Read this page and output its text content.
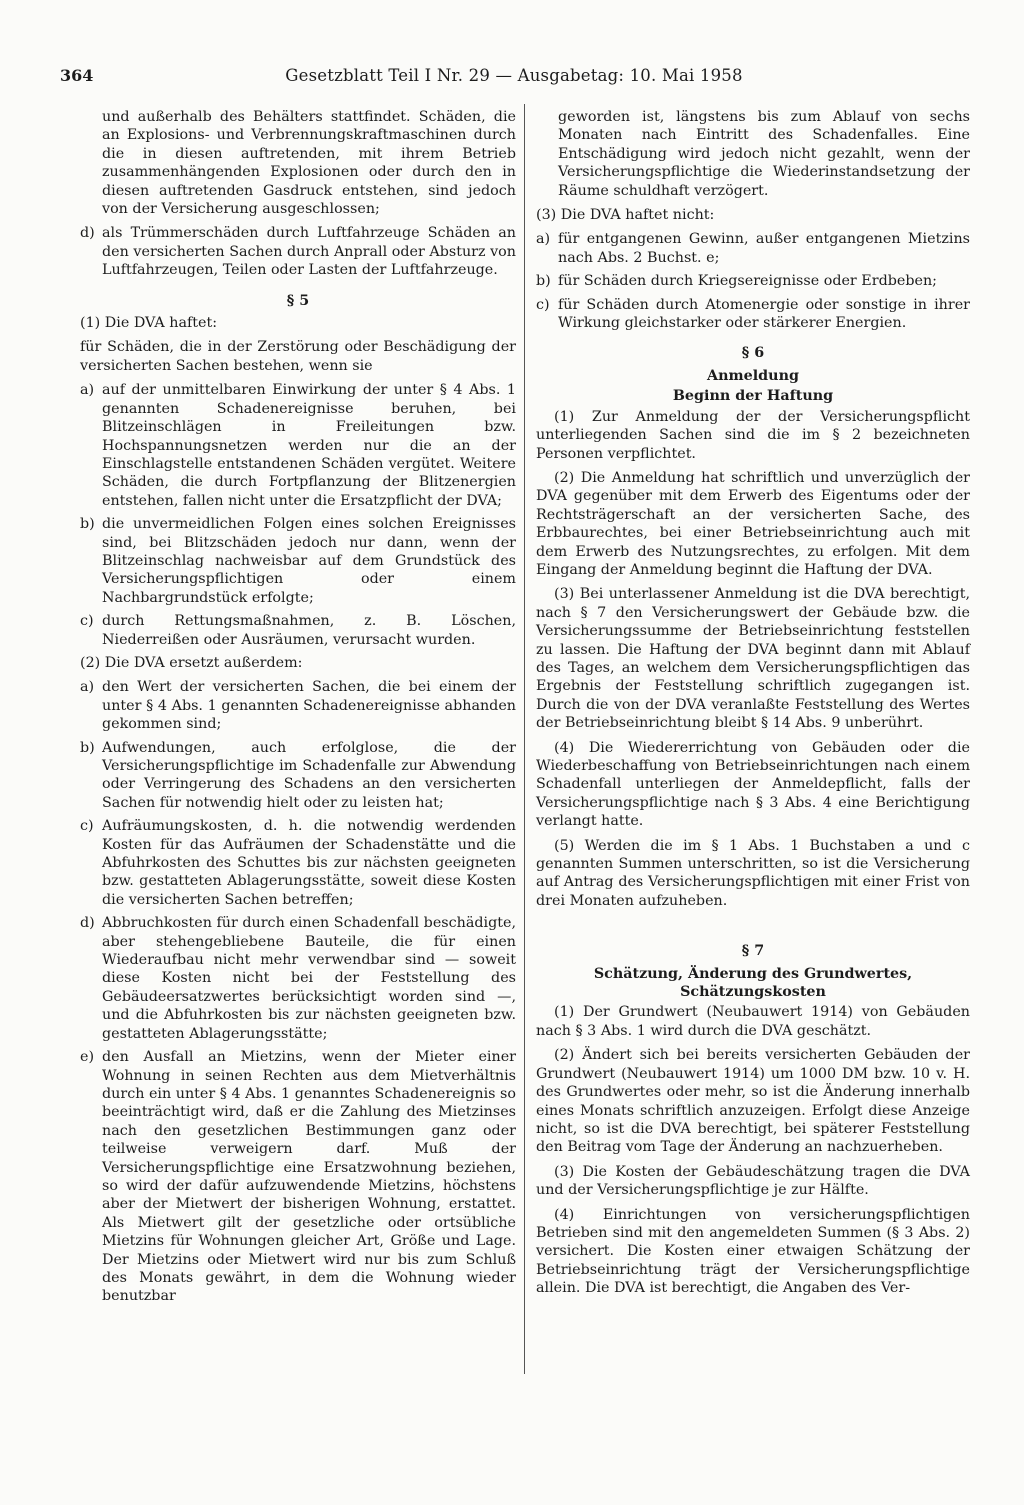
364	Gesetzblatt Teil I Nr. 29 — Ausgabetag: 10. Mai 1958

und außerhalb des Behälters stattfindet. Schäden, die an Explosions- und Verbrennungskraftmaschinen durch die in diesen auftretenden, mit ihrem Betrieb zusammenhängenden Explosionen oder durch den in diesen auftretenden Gasdruck entstehen, sind jedoch von der Versicherung ausgeschlossen;

d) als Trümmerschäden durch Luftfahrzeuge Schäden an den versicherten Sachen durch Anprall oder Absturz von Luftfahrzeugen, Teilen oder Lasten der Luftfahrzeuge.
§ 5

(1) Die DVA haftet:

für Schäden, die in der Zerstörung oder Beschädigung der versicherten Sachen bestehen, wenn sie

a) auf der unmittelbaren Einwirkung der unter § 4 Abs. 1 genannten Schadenereignisse beruhen, bei Blitzeinschlägen in Freileitungen bzw. Hochspannungsnetzen werden nur die an der Einschlagstelle entstandenen Schäden vergütet. Weitere Schäden, die durch Fortpflanzung der Blitzenergien entstehen, fallen nicht unter die Ersatzpflicht der DVA;
b) die unvermeidlichen Folgen eines solchen Ereignisses sind, bei Blitzschäden jedoch nur dann, wenn der Blitzeinschlag nachweisbar auf dem Grundstück des Versicherungspflichtigen oder einem Nachbargrundstück erfolgte;
c) durch Rettungsmaßnahmen, z. B. Löschen, Niederreißen oder Ausräumen, verursacht wurden.

(2) Die DVA ersetzt außerdem:

a) den Wert der versicherten Sachen, die bei einem der unter § 4 Abs. 1 genannten Schadenereignisse abhanden gekommen sind;
b) Aufwendungen, auch erfolglose, die der Versicherungspflichtige im Schadenfalle zur Abwendung oder Verringerung des Schadens an den versicherten Sachen für notwendig hielt oder zu leisten hat;
c) Aufräumungskosten, d. h. die notwendig werdenden Kosten für das Aufräumen der Schadenstätte und die Abfuhrkosten des Schuttes bis zur nächsten geeigneten bzw. gestatteten Ablagerungsstätte, soweit diese Kosten die versicherten Sachen betreffen;
d) Abbruchkosten für durch einen Schadenfall beschädigte, aber stehengebliebene Bauteile, die für einen Wiederaufbau nicht mehr verwendbar sind — soweit diese Kosten nicht bei der Feststellung des Gebäudeersatzwertes berücksichtigt worden sind —, und die Abfuhrkosten bis zur nächsten geeigneten bzw. gestatteten Ablagerungsstätte;
e) den Ausfall an Mietzins, wenn der Mieter einer Wohnung in seinen Rechten aus dem Mietverhältnis durch ein unter § 4 Abs. 1 genanntes Schadenereignis so beeinträchtigt wird, daß er die Zahlung des Mietzinses nach den gesetzlichen Bestimmungen ganz oder teilweise verweigern darf. Muß der Versicherungspflichtige eine Ersatzwohnung beziehen, so wird der dafür aufzuwendende Mietzins, höchstens aber der Mietwert der bisherigen Wohnung, erstattet. Als Mietwert gilt der gesetzliche oder ortsübliche Mietzins für Wohnungen gleicher Art, Größe und Lage. Der Mietzins oder Mietwert wird nur bis zum Schluß des Monats gewährt, in dem die Wohnung wieder benutzbar

geworden ist, längstens bis zum Ablauf von sechs Monaten nach Eintritt des Schadenfalles. Eine Entschädigung wird jedoch nicht gezahlt, wenn der Versicherungspflichtige die Wiederinstandsetzung der Räume schuldhaft verzögert.

(3) Die DVA haftet nicht:

a) für entgangenen Gewinn, außer entgangenen Mietzins nach Abs. 2 Buchst. e;
b) für Schäden durch Kriegsereignisse oder Erdbeben;
c) für Schäden durch Atomenergie oder sonstige in ihrer Wirkung gleichstarker oder stärkerer Energien.
§ 6
Anmeldung
Beginn der Haftung

(1) Zur Anmeldung der der Versicherungspflicht unterliegenden Sachen sind die im § 2 bezeichneten Personen verpflichtet.

(2) Die Anmeldung hat schriftlich und unverzüglich der DVA gegenüber mit dem Erwerb des Eigentums oder der Rechtsträgerschaft an der versicherten Sache, des Erbbaurechtes, bei einer Betriebseinrichtung auch mit dem Erwerb des Nutzungsrechtes, zu erfolgen. Mit dem Eingang der Anmeldung beginnt die Haftung der DVA.

(3) Bei unterlassener Anmeldung ist die DVA berechtigt, nach § 7 den Versicherungswert der Gebäude bzw. die Versicherungssumme der Betriebseinrichtung feststellen zu lassen. Die Haftung der DVA beginnt dann mit Ablauf des Tages, an welchem dem Versicherungspflichtigen das Ergebnis der Feststellung schriftlich zugegangen ist. Durch die von der DVA veranlaßte Feststellung des Wertes der Betriebseinrichtung bleibt § 14 Abs. 9 unberührt.

(4) Die Wiedererrichtung von Gebäuden oder die Wiederbeschaffung von Betriebseinrichtungen nach einem Schadenfall unterliegen der Anmeldepflicht, falls der Versicherungspflichtige nach § 3 Abs. 4 eine Berichtigung verlangt hatte.

(5) Werden die im § 1 Abs. 1 Buchstaben a und c genannten Summen unterschritten, so ist die Versicherung auf Antrag des Versicherungspflichtigen mit einer Frist von drei Monaten aufzuheben.

§ 7
Schätzung, Änderung des Grundwertes, Schätzungskosten

(1) Der Grundwert (Neubauwert 1914) von Gebäuden nach § 3 Abs. 1 wird durch die DVA geschätzt.

(2) Ändert sich bei bereits versicherten Gebäuden der Grundwert (Neubauwert 1914) um 1000 DM bzw. 10 v. H. des Grundwertes oder mehr, so ist die Änderung innerhalb eines Monats schriftlich anzuzeigen. Erfolgt diese Anzeige nicht, so ist die DVA berechtigt, bei späterer Feststellung den Beitrag vom Tage der Änderung an nachzuerheben.

(3) Die Kosten der Gebäudeschätzung tragen die DVA und der Versicherungspflichtige je zur Hälfte.

(4) Einrichtungen von versicherungspflichtigen Betrieben sind mit den angemeldeten Summen (§ 3 Abs. 2) versichert. Die Kosten einer etwaigen Schätzung der Betriebseinrichtung trägt der Versicherungspflichtige allein. Die DVA ist berechtigt, die Angaben des Ver-
